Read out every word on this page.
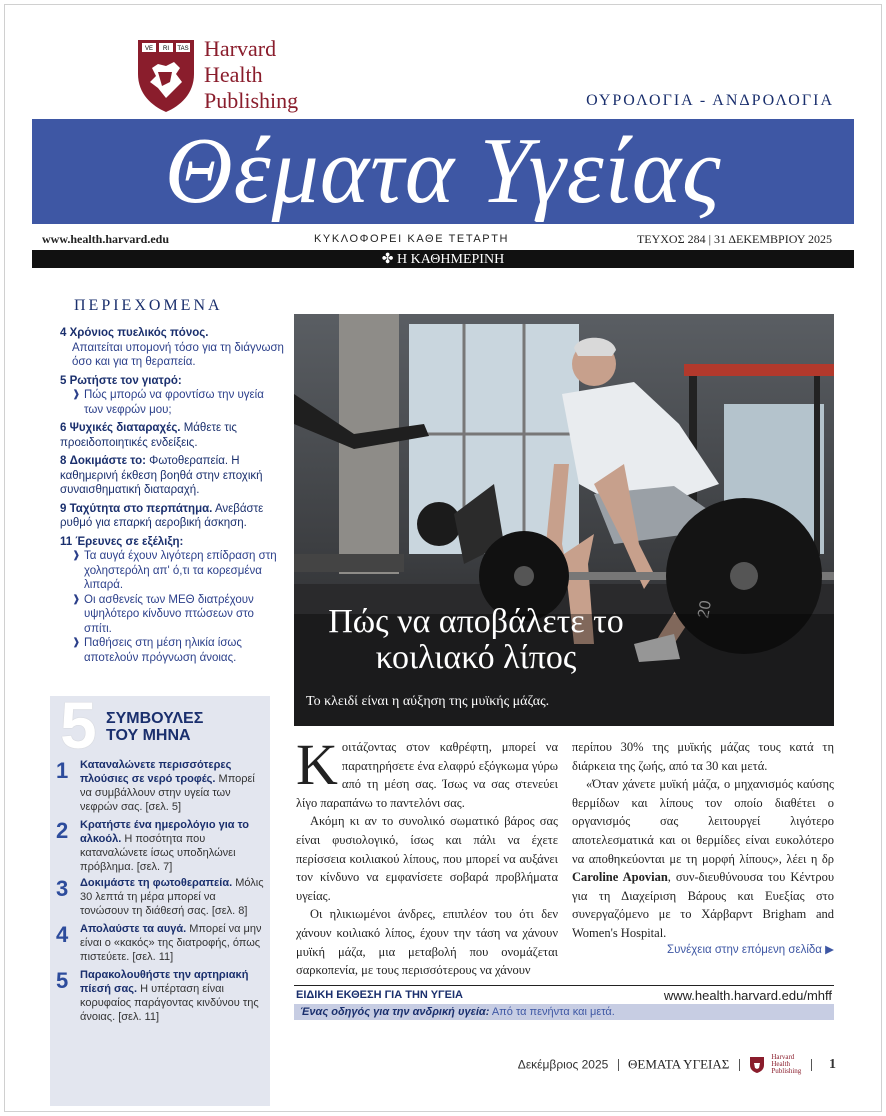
VE RI TAS Harvard
Health
Publishing	ΟΥΡΟΛΟΓΙΑ - ΑΝΔΡΟΛΟΓΙΑ
Θέματα Υγείας
www.health.harvard.edu	ΚΥΚΛΟΦΟΡΕΙ ΚΑΘΕ ΤΕΤΑΡΤΗ	ΤΕΥΧΟΣ 284 | 31 ΔΕΚΕΜΒΡΙΟΥ 2025
✤ Η ΚΑΘΗΜΕΡΙΝΗ
ΠΕΡΙΕΧΟΜΕΝΑ
4 Χρόνιος πυελικός πόνος.
Απαιτείται υπομονή τόσο για τη διάγνωση όσο και για τη θεραπεία.
5 Ρωτήστε τον γιατρό:
❱ Πώς μπορώ να φροντίσω την υγεία των νεφρών μου;
6 Ψυχικές διαταραχές. Μάθετε τις προειδοποιητικές ενδείξεις.
8 Δοκιμάστε το: Φωτοθεραπεία. Η καθημερινή έκθεση βοηθά στην εποχική συναισθηματική διαταραχή.
9 Ταχύτητα στο περπάτημα. Ανεβάστε ρυθμό για επαρκή αεροβική άσκηση.
11 Έρευνες σε εξέλιξη:
❱ Τα αυγά έχουν λιγότερη επίδραση στη χοληστερόλη απ' ό,τι τα κορεσμένα λιπαρά.
❱ Οι ασθενείς των ΜΕΘ διατρέχουν υψηλότερο κίνδυνο πτώσεων στο σπίτι.
❱ Παθήσεις στη μέση ηλικία ίσως αποτελούν πρόγνωση άνοιας.
5 ΣΥΜΒΟΥΛΕΣ
ΤΟΥ ΜΗΝΑ
1 Καταναλώνετε περισσότερες πλούσιες σε νερό τροφές. Μπορεί να συμβάλλουν στην υγεία των νεφρών σας. [σελ. 5]
2 Κρατήστε ένα ημερολόγιο για το αλκοόλ. Η ποσότητα που καταναλώνετε ίσως υποδηλώνει πρόβλημα. [σελ. 7]
3 Δοκιμάστε τη φωτοθεραπεία. Μόλις 30 λεπτά τη μέρα μπορεί να τονώσουν τη διάθεσή σας. [σελ. 8]
4 Απολαύστε τα αυγά. Μπορεί να μην είναι ο «κακός» της διατροφής, όπως πιστεύετε. [σελ. 11]
5 Παρακολουθήστε την αρτηριακή πίεσή σας. Η υπέρταση είναι κορυφαίος παράγοντας κινδύνου της άνοιας. [σελ. 11]
20
Πώς να αποβάλετε το κοιλιακό λίπος
Το κλειδί είναι η αύξηση της μυϊκής μάζας.

Κοιτάζοντας στον καθρέφτη, μπορεί να παρατηρήσετε ένα ελαφρύ εξόγκωμα γύρω από τη μέση σας. Ίσως να σας στενεύει λίγο παραπάνω το παντελόνι σας.

Ακόμη κι αν το συνολικό σωματικό βάρος σας είναι φυσιολογικό, ίσως και πάλι να έχετε περίσσεια κοιλιακού λίπους, που μπορεί να αυξάνει τον κίνδυνο να εμφανίσετε σοβαρά προβλήματα υγείας.

Οι ηλικιωμένοι άνδρες, επιπλέον του ότι δεν χάνουν κοιλιακό λίπος, έχουν την τάση να χάνουν μυϊκή μάζα, μια μεταβολή που ονομάζεται σαρκοπενία, με τους περισσότερους να χάνουν

περίπου 30% της μυϊκής μάζας τους κατά τη διάρκεια της ζωής, από τα 30 και μετά.

«Όταν χάνετε μυϊκή μάζα, ο μηχανισμός καύσης θερμίδων και λίπους τον οποίο διαθέτει ο οργανισμός σας λειτουργεί λιγότερο αποτελεσματικά και οι θερμίδες είναι ευκολότερο να αποθηκεύονται με τη μορφή λίπους», λέει η δρ Caroline Apovian, συν-διευθύνουσα του Κέντρου για τη Διαχείριση Βάρους και Ευεξίας στο συνεργαζόμενο με το Χάρβαρντ Brigham and Women's Hospital.

Συνέχεια στην επόμενη σελίδα ▶
ΕΙΔΙΚΗ ΕΚΘΕΣΗ ΓΙΑ ΤΗΝ ΥΓΕΙΑ	www.health.harvard.edu/mhff
Ένας οδηγός για την ανδρική υγεία: Από τα πενήντα και μετά.
Δεκέμβριος 2025 ΘΕΜΑΤΑ ΥΓΕΙΑΣ	Harvard
Health
Publishing 1
